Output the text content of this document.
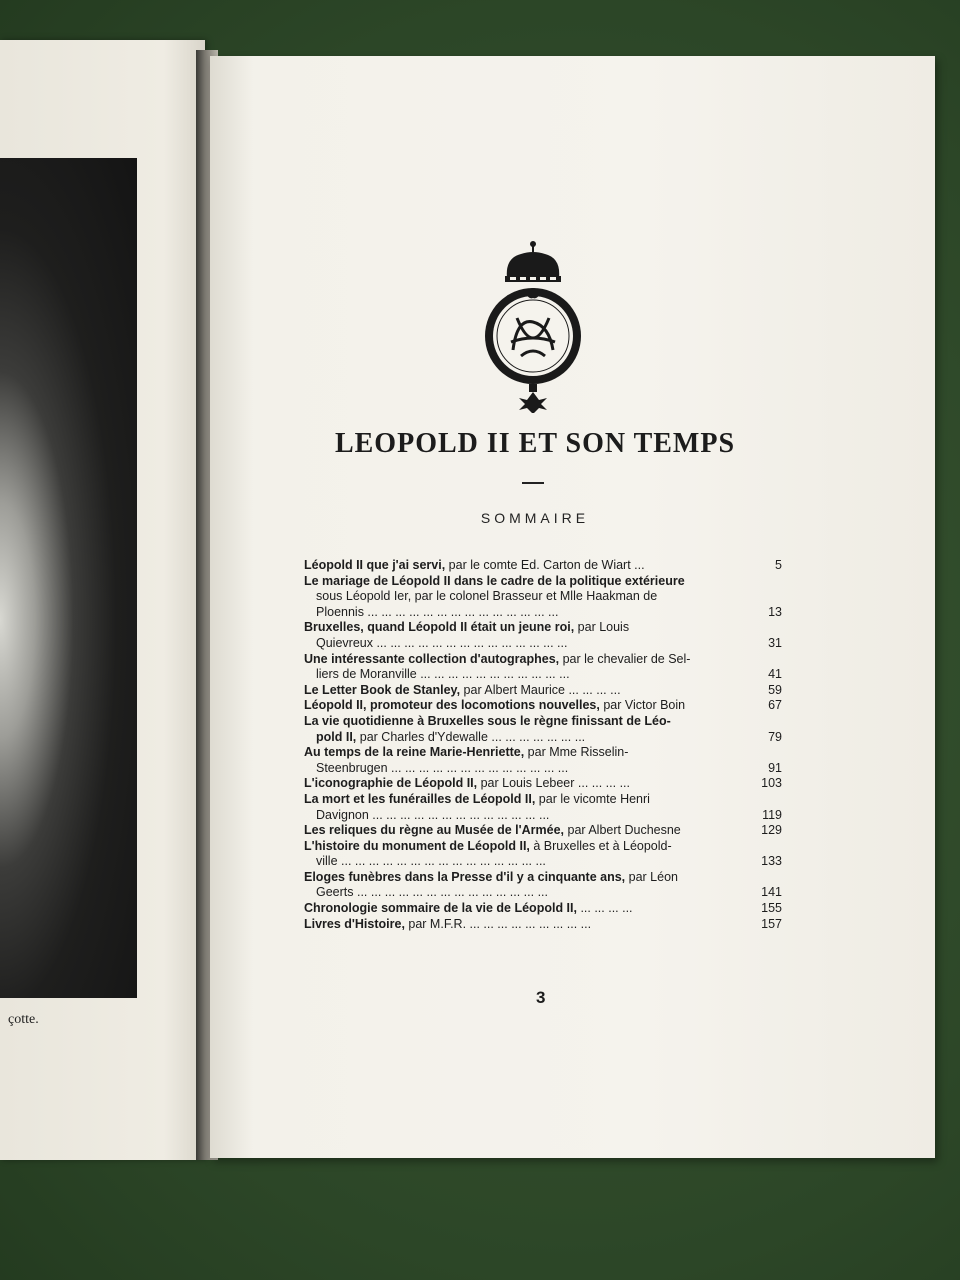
çotte.
LEOPOLD II ET SON TEMPS
SOMMAIRE
Léopold II que j'ai servi, par le comte Ed. Carton de Wiart ...	5
Le mariage de Léopold II dans le cadre de la politique extérieure
sous Léopold Ier, par le colonel Brasseur et Mlle Haakman de
Ploennis ... ... ... ... ... ... ... ... ... ... ... ... ... ...	13
Bruxelles, quand Léopold II était un jeune roi, par Louis
Quievreux ... ... ... ... ... ... ... ... ... ... ... ... ... ...	31
Une intéressante collection d'autographes, par le chevalier de Sel-
liers de Moranville ... ... ... ... ... ... ... ... ... ... ...	41
Le Letter Book de Stanley, par Albert Maurice ... ... ... ...	59
Léopold II, promoteur des locomotions nouvelles, par Victor Boin	67
La vie quotidienne à Bruxelles sous le règne finissant de Léo-
pold II, par Charles d'Ydewalle ... ... ... ... ... ... ...	79
Au temps de la reine Marie-Henriette, par Mme Risselin-
Steenbrugen ... ... ... ... ... ... ... ... ... ... ... ... ...	91
L'iconographie de Léopold II, par Louis Lebeer ... ... ... ...	103
La mort et les funérailles de Léopold II, par le vicomte Henri
Davignon ... ... ... ... ... ... ... ... ... ... ... ... ...	119
Les reliques du règne au Musée de l'Armée, par Albert Duchesne	129
L'histoire du monument de Léopold II, à Bruxelles et à Léopold-
ville ... ... ... ... ... ... ... ... ... ... ... ... ... ... ...	133
Eloges funèbres dans la Presse d'il y a cinquante ans, par Léon
Geerts ... ... ... ... ... ... ... ... ... ... ... ... ... ...	141
Chronologie sommaire de la vie de Léopold II, ... ... ... ...	155
Livres d'Histoire, par M.F.R. ... ... ... ... ... ... ... ... ...	157
3
